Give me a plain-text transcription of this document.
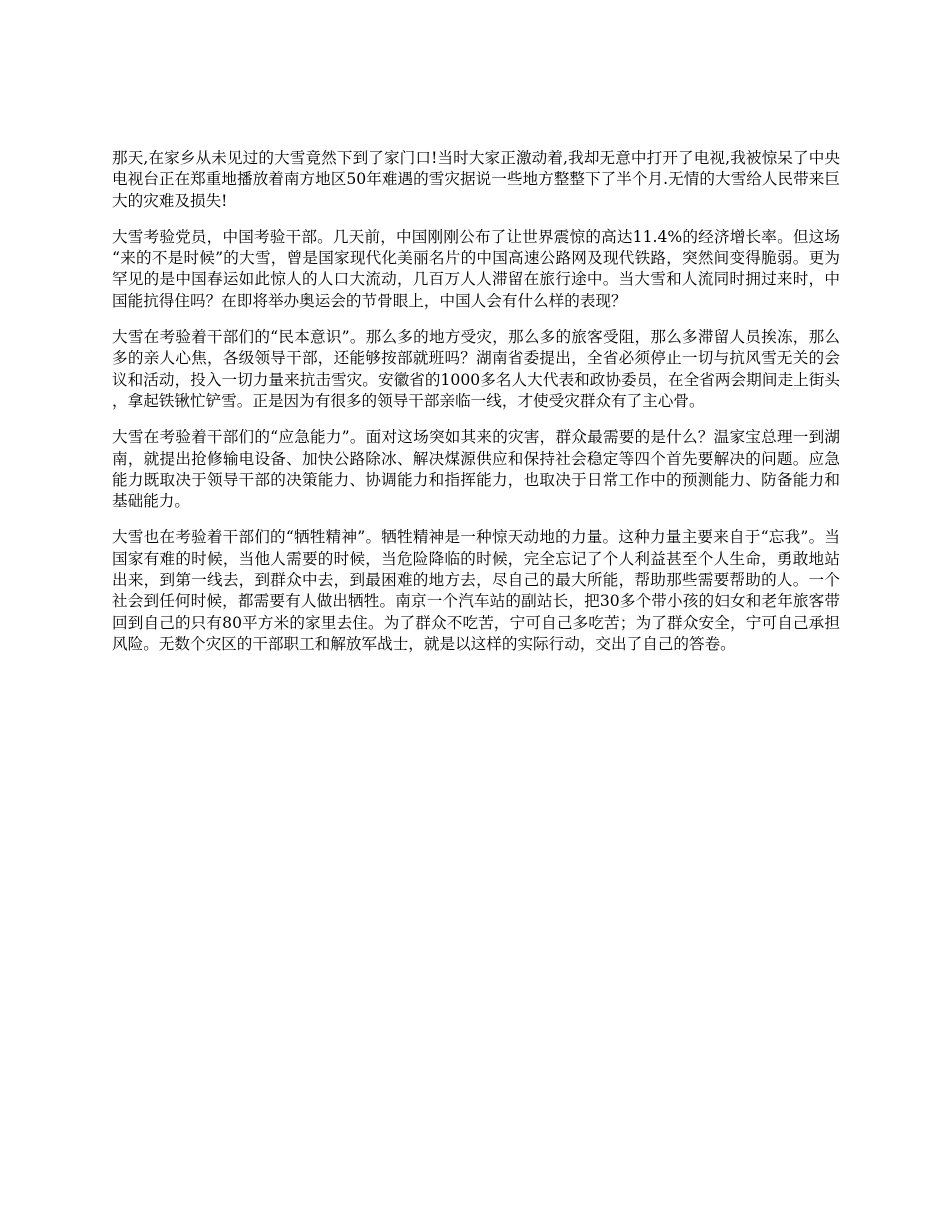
那天,在家乡从未见过的大雪竟然下到了家门口!当时大家正激动着,我却无意中打开了电视,我被惊呆了中央电视台正在郑重地播放着南方地区50年难遇的雪灾据说一些地方整整下了半个月.无情的大雪给人民带来巨大的灾难及损失!

大雪考验党员，中国考验干部。几天前，中国刚刚公布了让世界震惊的高达11.4%的经济增长率。但这场“来的不是时候”的大雪，曾是国家现代化美丽名片的中国高速公路网及现代铁路，突然间变得脆弱。更为罕见的是中国春运如此惊人的人口大流动，几百万人人滞留在旅行途中。当大雪和人流同时拥过来时，中国能抗得住吗？在即将举办奥运会的节骨眼上，中国人会有什么样的表现？

大雪在考验着干部们的“民本意识”。那么多的地方受灾，那么多的旅客受阻，那么多滞留人员挨冻，那么多的亲人心焦，各级领导干部，还能够按部就班吗？湖南省委提出，全省必须停止一切与抗风雪无关的会议和活动，投入一切力量来抗击雪灾。安徽省的1000多名人大代表和政协委员，在全省两会期间走上街头，拿起铁锹忙铲雪。正是因为有很多的领导干部亲临一线，才使受灾群众有了主心骨。

大雪在考验着干部们的“应急能力”。面对这场突如其来的灾害，群众最需要的是什么？温家宝总理一到湖南，就提出抢修输电设备、加快公路除冰、解决煤源供应和保持社会稳定等四个首先要解决的问题。应急能力既取决于领导干部的决策能力、协调能力和指挥能力，也取决于日常工作中的预测能力、防备能力和基础能力。

大雪也在考验着干部们的“牺牲精神”。牺牲精神是一种惊天动地的力量。这种力量主要来自于“忘我”。当国家有难的时候，当他人需要的时候，当危险降临的时候，完全忘记了个人利益甚至个人生命，勇敢地站出来，到第一线去，到群众中去，到最困难的地方去，尽自己的最大所能，帮助那些需要帮助的人。一个社会到任何时候，都需要有人做出牺牲。南京一个汽车站的副站长，把30多个带小孩的妇女和老年旅客带回到自己的只有80平方米的家里去住。为了群众不吃苦，宁可自己多吃苦；为了群众安全，宁可自己承担风险。无数个灾区的干部职工和解放军战士，就是以这样的实际行动，交出了自己的答卷。
